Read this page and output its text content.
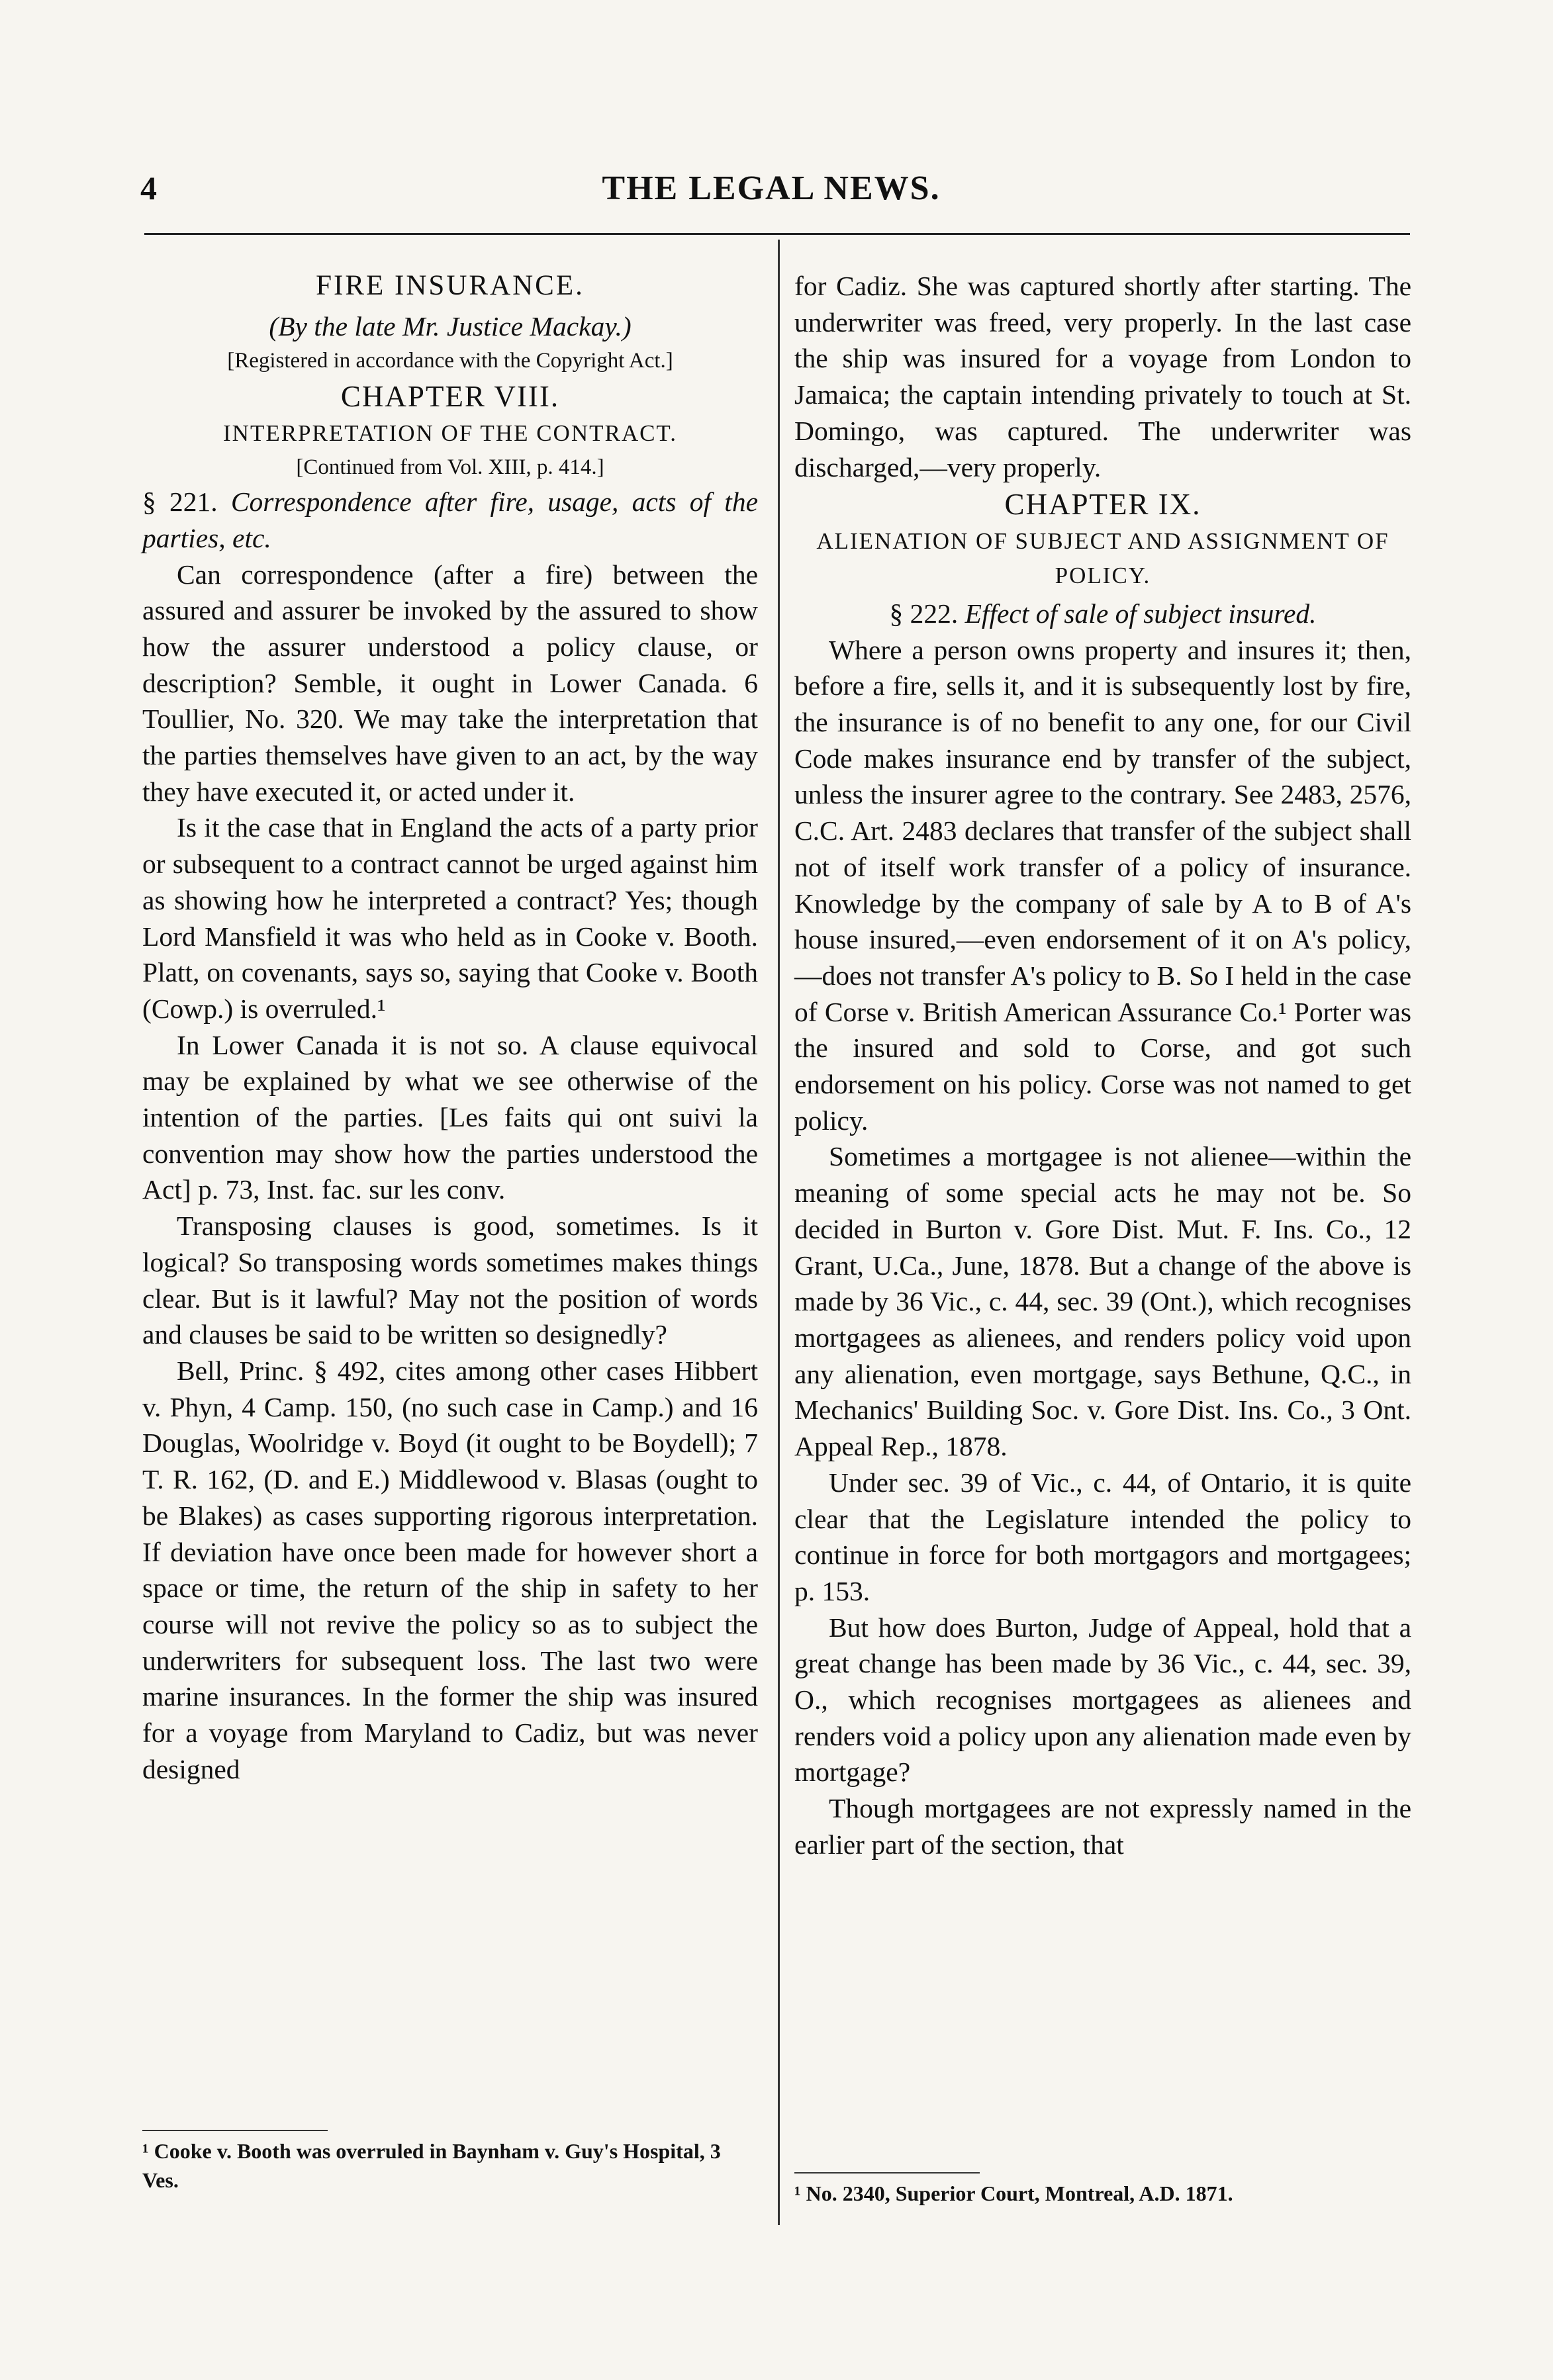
4	THE LEGAL NEWS.
FIRE INSURANCE.
(By the late Mr. Justice Mackay.)
[Registered in accordance with the Copyright Act.]
CHAPTER VIII.
INTERPRETATION OF THE CONTRACT.
[Continued from Vol. XIII, p. 414.]

§ 221. Correspondence after fire, usage, acts of the parties, etc.

Can correspondence (after a fire) between the assured and assurer be invoked by the assured to show how the assurer understood a policy clause, or description? Semble, it ought in Lower Canada. 6 Toullier, No. 320. We may take the interpretation that the parties themselves have given to an act, by the way they have executed it, or acted under it.

Is it the case that in England the acts of a party prior or subsequent to a contract cannot be urged against him as showing how he interpreted a contract? Yes; though Lord Mansfield it was who held as in Cooke v. Booth. Platt, on covenants, says so, saying that Cooke v. Booth (Cowp.) is overruled.¹

In Lower Canada it is not so. A clause equivocal may be explained by what we see otherwise of the intention of the parties. [Les faits qui ont suivi la convention may show how the parties understood the Act] p. 73, Inst. fac. sur les conv.

Transposing clauses is good, sometimes. Is it logical? So transposing words sometimes makes things clear. But is it lawful? May not the position of words and clauses be said to be written so designedly?

Bell, Princ. § 492, cites among other cases Hibbert v. Phyn, 4 Camp. 150, (no such case in Camp.) and 16 Douglas, Woolridge v. Boyd (it ought to be Boydell); 7 T. R. 162, (D. and E.) Middlewood v. Blasas (ought to be Blakes) as cases supporting rigorous interpretation. If deviation have once been made for however short a space or time, the return of the ship in safety to her course will not revive the policy so as to subject the underwriters for subsequent loss. The last two were marine insurances. In the former the ship was insured for a voyage from Maryland to Cadiz, but was never designed

¹ Cooke v. Booth was overruled in Baynham v. Guy's Hospital, 3 Ves.

for Cadiz. She was captured shortly after starting. The underwriter was freed, very properly. In the last case the ship was insured for a voyage from London to Jamaica; the captain intending privately to touch at St. Domingo, was captured. The underwriter was discharged,—very properly.

CHAPTER IX.
ALIENATION OF SUBJECT AND ASSIGNMENT OF POLICY.

§ 222. Effect of sale of subject insured.

Where a person owns property and insures it; then, before a fire, sells it, and it is subsequently lost by fire, the insurance is of no benefit to any one, for our Civil Code makes insurance end by transfer of the subject, unless the insurer agree to the contrary. See 2483, 2576, C.C. Art. 2483 declares that transfer of the subject shall not of itself work transfer of a policy of insurance. Knowledge by the company of sale by A to B of A's house insured,—even endorsement of it on A's policy,—does not transfer A's policy to B. So I held in the case of Corse v. British American Assurance Co.¹ Porter was the insured and sold to Corse, and got such endorsement on his policy. Corse was not named to get policy.

Sometimes a mortgagee is not alienee—within the meaning of some special acts he may not be. So decided in Burton v. Gore Dist. Mut. F. Ins. Co., 12 Grant, U.Ca., June, 1878. But a change of the above is made by 36 Vic., c. 44, sec. 39 (Ont.), which recognises mortgagees as alienees, and renders policy void upon any alienation, even mortgage, says Bethune, Q.C., in Mechanics' Building Soc. v. Gore Dist. Ins. Co., 3 Ont. Appeal Rep., 1878.

Under sec. 39 of Vic., c. 44, of Ontario, it is quite clear that the Legislature intended the policy to continue in force for both mortgagors and mortgagees; p. 153.

But how does Burton, Judge of Appeal, hold that a great change has been made by 36 Vic., c. 44, sec. 39, O., which recognises mortgagees as alienees and renders void a policy upon any alienation made even by mortgage?

Though mortgagees are not expressly named in the earlier part of the section, that

¹ No. 2340, Superior Court, Montreal, A.D. 1871.
